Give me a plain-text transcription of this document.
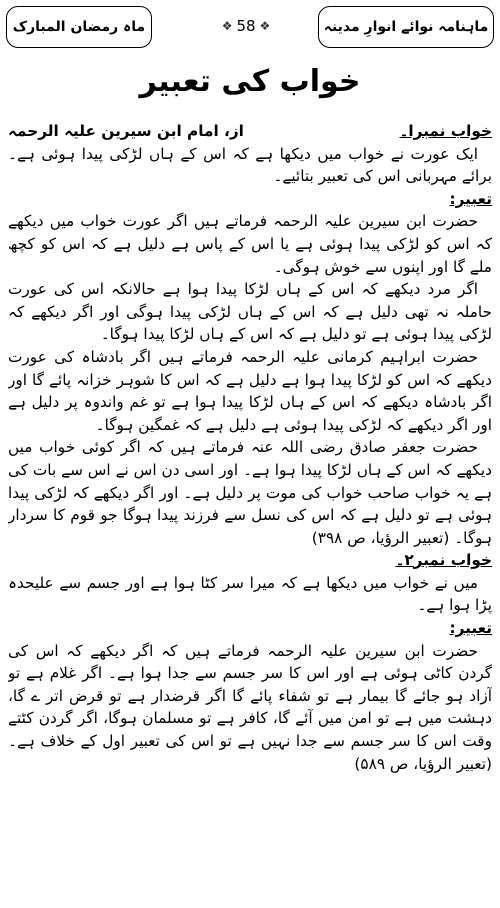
ماہنامہ نوائے انوارِ مدینہ
❖ 58 ❖
ماہ رمضان المبارک
خواب کی تعبیر
خواب نمبرا۔
از، امام ابن سیرین علیہ الرحمہ

ایک عورت نے خواب میں دیکھا ہے کہ اس کے ہاں لڑکی پیدا ہوئی ہے۔ برائے مہربانی اس کی تعبیر بتائیے۔

تعبیر:

حضرت ابن سیرین علیہ الرحمہ فرماتے ہیں اگر عورت خواب میں دیکھے کہ اس کو لڑکی پیدا ہوئی ہے یا اس کے پاس ہے دلیل ہے کہ اس کو کچھ ملے گا اور اپنوں سے خوش ہوگی۔

اگر مرد دیکھے کہ اس کے ہاں لڑکا پیدا ہوا ہے حالانکہ اس کی عورت حاملہ نہ تھی دلیل ہے کہ اس کے ہاں لڑکی پیدا ہوگی اور اگر دیکھے کہ لڑکی پیدا ہوئی ہے تو دلیل ہے کہ اس کے ہاں لڑکا پیدا ہوگا۔

حضرت ابراہیم کرمانی علیہ الرحمہ فرماتے ہیں اگر بادشاہ کی عورت دیکھے کہ اس کو لڑکا پیدا ہوا ہے دلیل ہے کہ اس کا شوہر خزانہ پائے گا اور اگر بادشاہ دیکھے کہ اس کے ہاں لڑکا پیدا ہوا ہے تو غم واندوہ پر دلیل ہے اور اگر دیکھے کہ لڑکی پیدا ہوئی ہے دلیل ہے کہ غمگین ہوگا۔

حضرت جعفر صادق رضی اللہ عنہ فرماتے ہیں کہ اگر کوئی خواب میں دیکھے کہ اس کے ہاں لڑکا پیدا ہوا ہے۔ اور اسی دن اس نے اس سے بات کی ہے یہ خواب صاحب خواب کی موت پر دلیل ہے۔ اور اگر دیکھے کہ لڑکی پیدا ہوئی ہے تو دلیل ہے کہ اس کی نسل سے فرزند پیدا ہوگا جو قوم کا سردار ہوگا۔ (تعبیر الرؤیا، ص ۳۹۸)

خواب نمبر۲۔

میں نے خواب میں دیکھا ہے کہ میرا سر کٹا ہوا ہے اور جسم سے علیحدہ پڑا ہوا ہے۔

تعبیر:

حضرت ابن سیرین علیہ الرحمہ فرماتے ہیں کہ اگر دیکھے کہ اس کی گردن کاٹی ہوئی ہے اور اس کا سر جسم سے جدا ہوا ہے۔ اگر غلام ہے تو آزاد ہو جائے گا بیمار ہے تو شفاء پائے گا اگر قرضدار ہے تو قرض اتر ے گا، دہشت میں ہے تو امن میں آئے گا، کافر ہے تو مسلمان ہوگا، اگر گردن کٹتے وقت اس کا سر جسم سے جدا نہیں ہے تو اس کی تعبیر اول کے خلاف ہے۔ (تعبیر الرؤیا، ص ۵۸۹)
